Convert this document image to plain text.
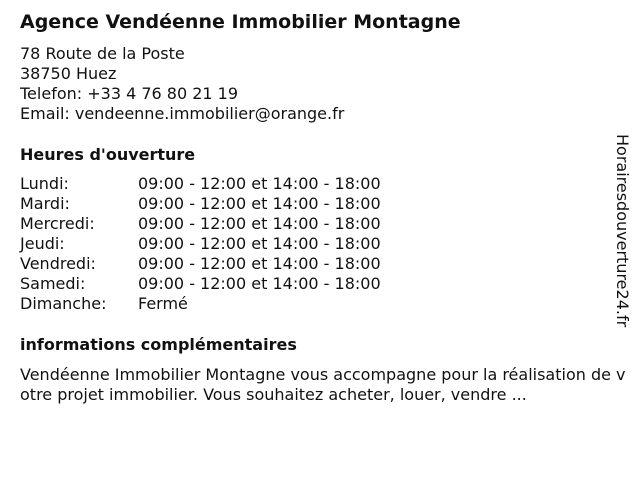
Agence Vendéenne Immobilier Montagne
78 Route de la Poste
38750 Huez
Telefon: +33 4 76 80 21 19
Email: vendeenne.immobilier@orange.fr
Heures d'ouverture
Lundi:	09:00 - 12:00 et 14:00 - 18:00
Mardi:	09:00 - 12:00 et 14:00 - 18:00
Mercredi:	09:00 - 12:00 et 14:00 - 18:00
Jeudi:	09:00 - 12:00 et 14:00 - 18:00
Vendredi:	09:00 - 12:00 et 14:00 - 18:00
Samedi:	09:00 - 12:00 et 14:00 - 18:00
Dimanche:	Fermé
informations complémentaires
Vendéenne Immobilier Montagne vous accompagne pour la réalisation de votre projet immobilier. Vous souhaitez acheter, louer, vendre ...
Horairesdouverture24.fr
